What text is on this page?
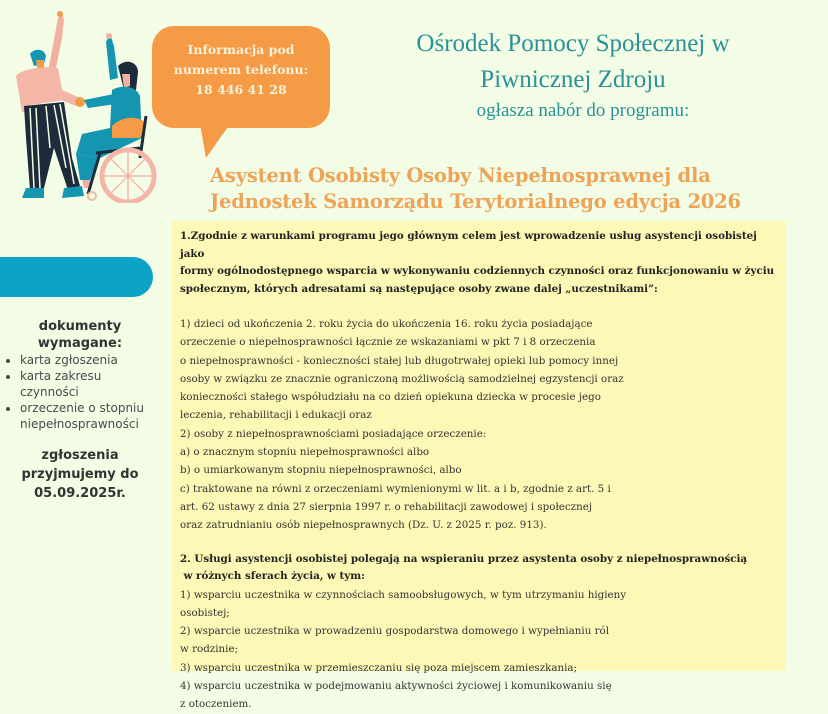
Informacja pod
numerem telefonu:
18 446 41 28
Ośrodek Pomocy Społecznej w
Piwnicznej Zdroju
ogłasza nabór do programu:
Asystent Osobisty Osoby Niepełnosprawnej dla
Jednostek Samorządu Terytorialnego edycja 2026
dokumenty
wymagane:
• karta zgłoszenia
• karta zakresu czynności
• orzeczenie o stopniu niepełnosprawności
zgłoszenia
przyjmujemy do
05.09.2025r.
1.Zgodnie z warunkami programu jego głównym celem jest wprowadzenie usług asystencji osobistej jako
formy ogólnodostępnego wsparcia w wykonywaniu codziennych czynności oraz funkcjonowaniu w życiu
społecznym, których adresatami są następujące osoby zwane dalej „uczestnikami”:
1) dzieci od ukończenia 2. roku życia do ukończenia 16. roku życia posiadające
orzeczenie o niepełnosprawności łącznie ze wskazaniami w pkt 7 i 8 orzeczenia
o niepełnosprawności - konieczności stałej lub długotrwałej opieki lub pomocy innej
osoby w związku ze znacznie ograniczoną możliwością samodzielnej egzystencji oraz
konieczności stałego współudziału na co dzień opiekuna dziecka w procesie jego
leczenia, rehabilitacji i edukacji oraz
2) osoby z niepełnosprawnościami posiadające orzeczenie:
a) o znacznym stopniu niepełnosprawności albo
b) o umiarkowanym stopniu niepełnosprawności, albo
c) traktowane na równi z orzeczeniami wymienionymi w lit. a i b, zgodnie z art. 5 i
art. 62 ustawy z dnia 27 sierpnia 1997 r. o rehabilitacji zawodowej i społecznej
oraz zatrudnianiu osób niepełnosprawnych (Dz. U. z 2025 r. poz. 913).
2. Usługi asystencji osobistej polegają na wspieraniu przez asystenta osoby z niepełnosprawnością
w różnych sferach życia, w tym:
1) wsparciu uczestnika w czynnościach samoobsługowych, w tym utrzymaniu higieny
osobistej;
2) wsparcie uczestnika w prowadzeniu gospodarstwa domowego i wypełnianiu ról
w rodzinie;
3) wsparciu uczestnika w przemieszczaniu się poza miejscem zamieszkania;
4) wsparciu uczestnika w podejmowaniu aktywności życiowej i komunikowaniu się
z otoczeniem.
